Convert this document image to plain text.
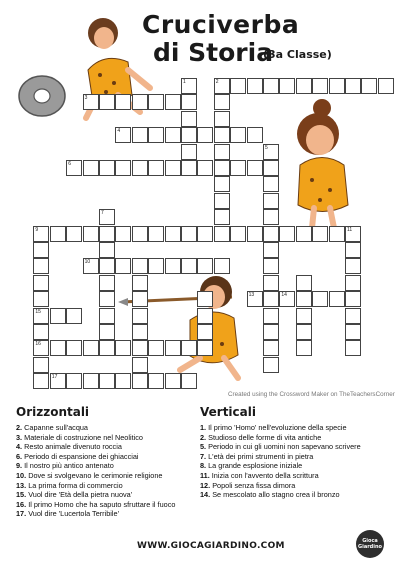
Cruciverba
di Storia
(3a Classe)
3
2
4
6
9	11
10
13	14
15
16
17
1
5
7
Created using the Crossword Maker on TheTeachersCorner
Orizzontali	Verticali
2. Capanne sull'acqua
3. Materiale di costruzione nel Neolitico
4. Resto animale divenuto roccia
6. Periodo di espansione dei ghiacciai
9. Il nostro più antico antenato
10. Dove si svolgevano le cerimonie religione
13. La prima forma di commercio
15. Vuol dire 'Età della pietra nuova'
16. Il primo Homo che ha saputo sfruttare il fuoco
17. Vuol dire 'Lucertola Terribile'
1. Il primo 'Homo' nell'evoluzione della specie
2. Studioso delle forme di vita antiche
5. Periodo in cui gli uomini non sapevano scrivere
7. L'età dei primi strumenti in pietra
8. La grande esplosione iniziale
11. Inizia con l'avvento della scrittura
12. Popoli senza fissa dimora
14. Se mescolato allo stagno crea il bronzo
WWW.GIOCAGIARDINO.COM	Gioca Giardino
